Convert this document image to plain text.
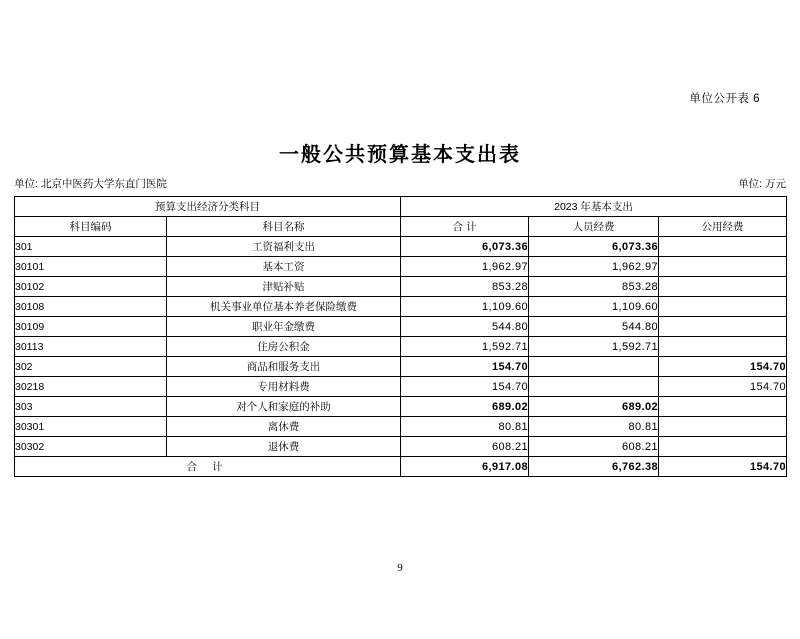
单位公开表 6
一般公共预算基本支出表
单位: 北京中医药大学东直门医院	单位: 万元
预算支出经济分类科目		2023 年基本支出		
科目编码	科目名称	合 计	人员经费	公用经费
301	工资福利支出	6,073.36	6,073.36	
30101	基本工资	1,962.97	1,962.97	
30102	津贴补贴	853.28	853.28	
30108	机关事业单位基本养老保险缴费	1,109.60	1,109.60	
30109	职业年金缴费	544.80	544.80	
30113	住房公积金	1,592.71	1,592.71	
302	商品和服务支出	154.70		154.70
30218	专用材料费	154.70		154.70
303	对个人和家庭的补助	689.02	689.02	
30301	离休费	80.81	80.81	
30302	退休费	608.21	608.21	
合 计		6,917.08	6,762.38	154.70
9
